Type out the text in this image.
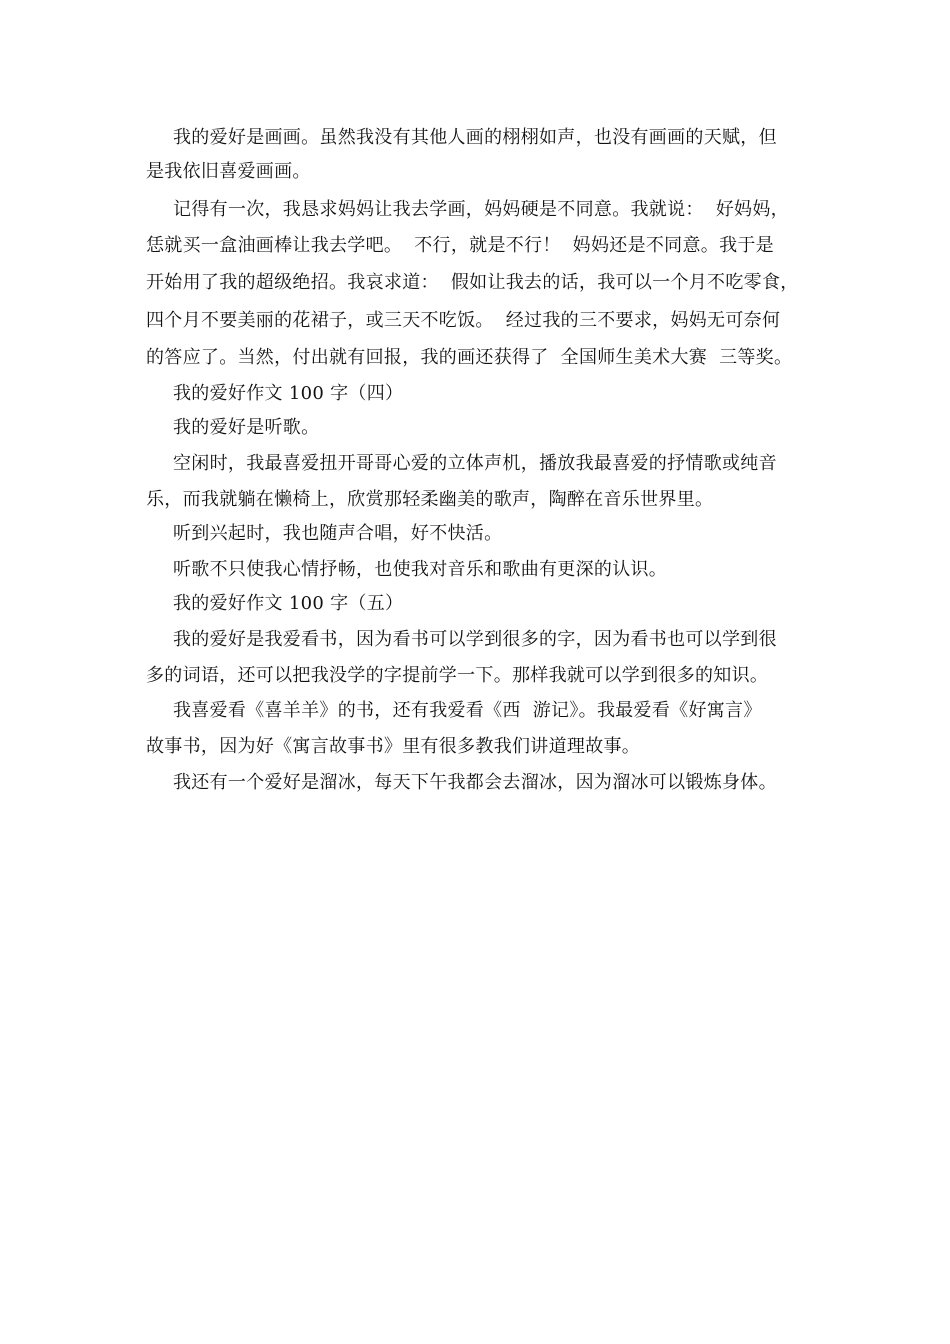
我的爱好是画画。虽然我没有其他人画的栩栩如声，也没有画画的天赋，但
是我依旧喜爱画画。
记得有一次，我恳求妈妈让我去学画，妈妈硬是不同意。我就说：  好妈妈，
恁就买一盒油画棒让我去学吧。  不行，就是不行！  妈妈还是不同意。我于是
开始用了我的超级绝招。我哀求道：  假如让我去的话，我可以一个月不吃零食，
四个月不要美丽的花裙子，或三天不吃饭。  经过我的三不要求，妈妈无可奈何
的答应了。当然，付出就有回报，我的画还获得了  全国师生美术大赛  三等奖。
我的爱好作文 100 字（四）
我的爱好是听歌。
空闲时，我最喜爱扭开哥哥心爱的立体声机，播放我最喜爱的抒情歌或纯音
乐，而我就躺在懒椅上，欣赏那轻柔幽美的歌声，陶醉在音乐世界里。
听到兴起时，我也随声合唱，好不快活。
听歌不只使我心情抒畅，也使我对音乐和歌曲有更深的认识。
我的爱好作文 100 字（五）
我的爱好是我爱看书，因为看书可以学到很多的字，因为看书也可以学到很
多的词语，还可以把我没学的字提前学一下。那样我就可以学到很多的知识。
我喜爱看《喜羊羊》的书，还有我爱看《西  游记》。我最爱看《好寓言》
故事书，因为好《寓言故事书》里有很多教我们讲道理故事。
我还有一个爱好是溜冰，每天下午我都会去溜冰，因为溜冰可以锻炼身体。
